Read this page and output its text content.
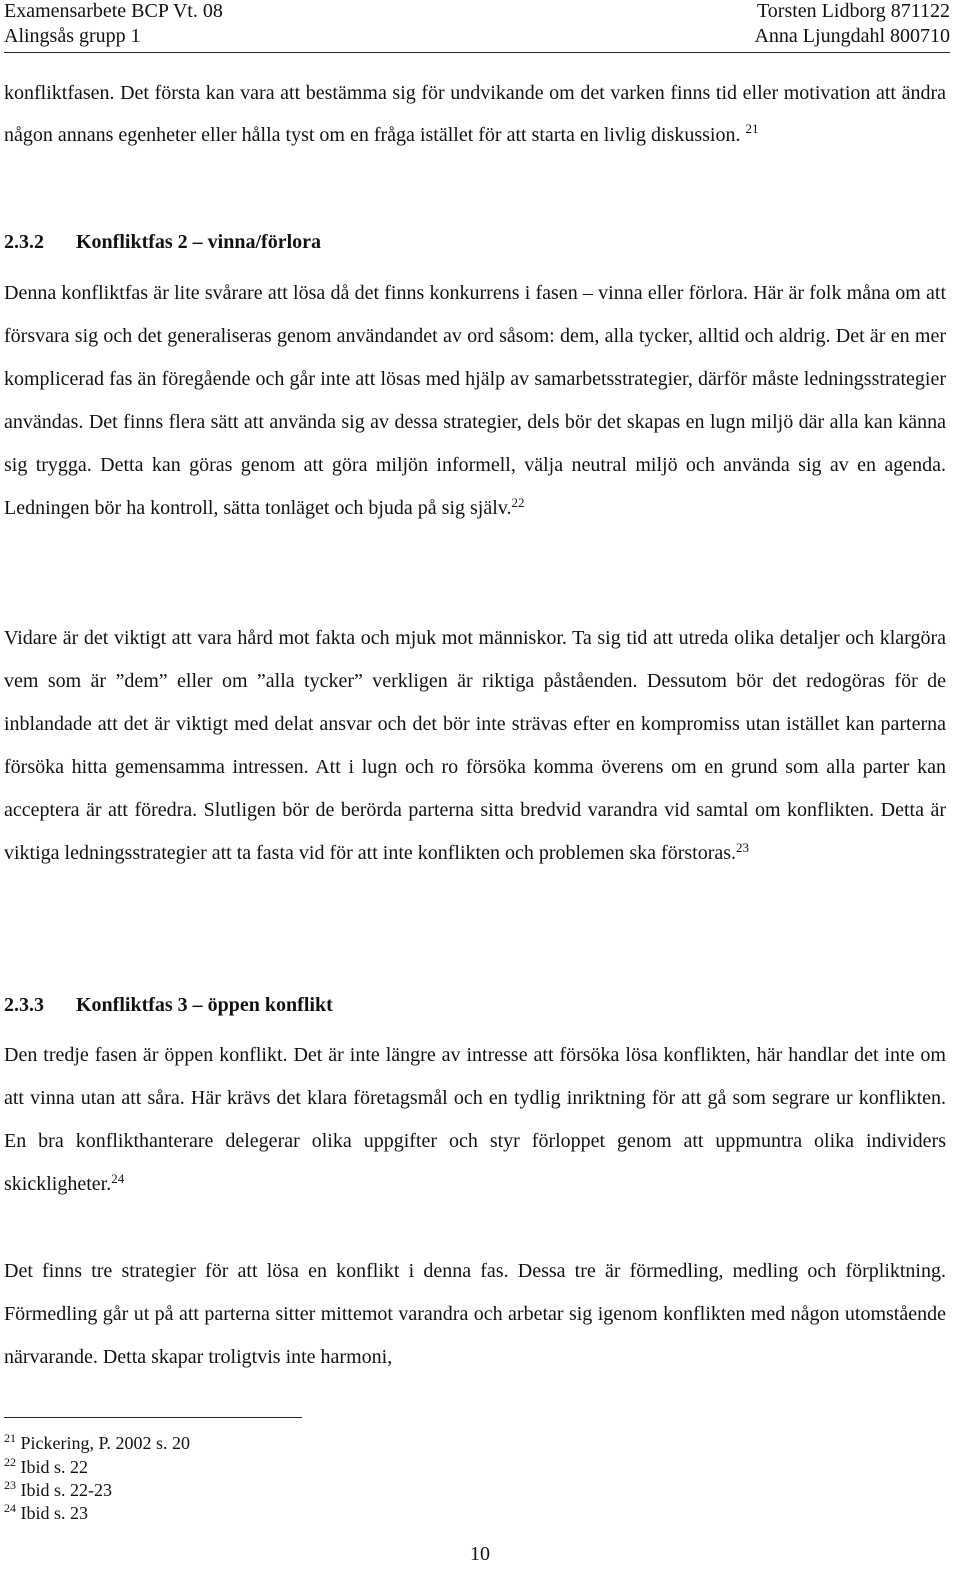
Examensarbete BCP Vt. 08
Alingsås grupp 1
Torsten Lidborg 871122
Anna Ljungdahl 800710

konfliktfasen. Det första kan vara att bestämma sig för undvikande om det varken finns tid eller motivation att ändra någon annans egenheter eller hålla tyst om en fråga istället för att starta en livlig diskussion. $^{21}$

2.3.2 Konfliktfas 2 – vinna/förlora

Denna konfliktfas är lite svårare att lösa då det finns konkurrens i fasen – vinna eller förlora. Här är folk måna om att försvara sig och det generaliseras genom användandet av ord såsom: dem, alla tycker, alltid och aldrig. Det är en mer komplicerad fas än föregående och går inte att lösas med hjälp av samarbetsstrategier, därför måste ledningsstrategier användas. Det finns flera sätt att använda sig av dessa strategier, dels bör det skapas en lugn miljö där alla kan känna sig trygga. Detta kan göras genom att göra miljön informell, välja neutral miljö och använda sig av en agenda. Ledningen bör ha kontroll, sätta tonläget och bjuda på sig själv.$^{22}$

Vidare är det viktigt att vara hård mot fakta och mjuk mot människor. Ta sig tid att utreda olika detaljer och klargöra vem som är ”dem” eller om ”alla tycker” verkligen är riktiga påståenden. Dessutom bör det redogöras för de inblandade att det är viktigt med delat ansvar och det bör inte strävas efter en kompromiss utan istället kan parterna försöka hitta gemensamma intressen. Att i lugn och ro försöka komma överens om en grund som alla parter kan acceptera är att föredra. Slutligen bör de berörda parterna sitta bredvid varandra vid samtal om konflikten. Detta är viktiga ledningsstrategier att ta fasta vid för att inte konflikten och problemen ska förstoras.$^{23}$

2.3.3 Konfliktfas 3 – öppen konflikt

Den tredje fasen är öppen konflikt. Det är inte längre av intresse att försöka lösa konflikten, här handlar det inte om att vinna utan att såra. Här krävs det klara företagsmål och en tydlig inriktning för att gå som segrare ur konflikten. En bra konflikthanterare delegerar olika uppgifter och styr förloppet genom att uppmuntra olika individers skickligheter.$^{24}$

Det finns tre strategier för att lösa en konflikt i denna fas. Dessa tre är förmedling, medling och förpliktning. Förmedling går ut på att parterna sitter mittemot varandra och arbetar sig igenom konflikten med någon utomstående närvarande. Detta skapar troligtvis inte harmoni,

$^{21}$ Pickering, P. 2002 s. 20
$^{22}$ Ibid s. 22
$^{23}$ Ibid s. 22-23
$^{24}$ Ibid s. 23
10
